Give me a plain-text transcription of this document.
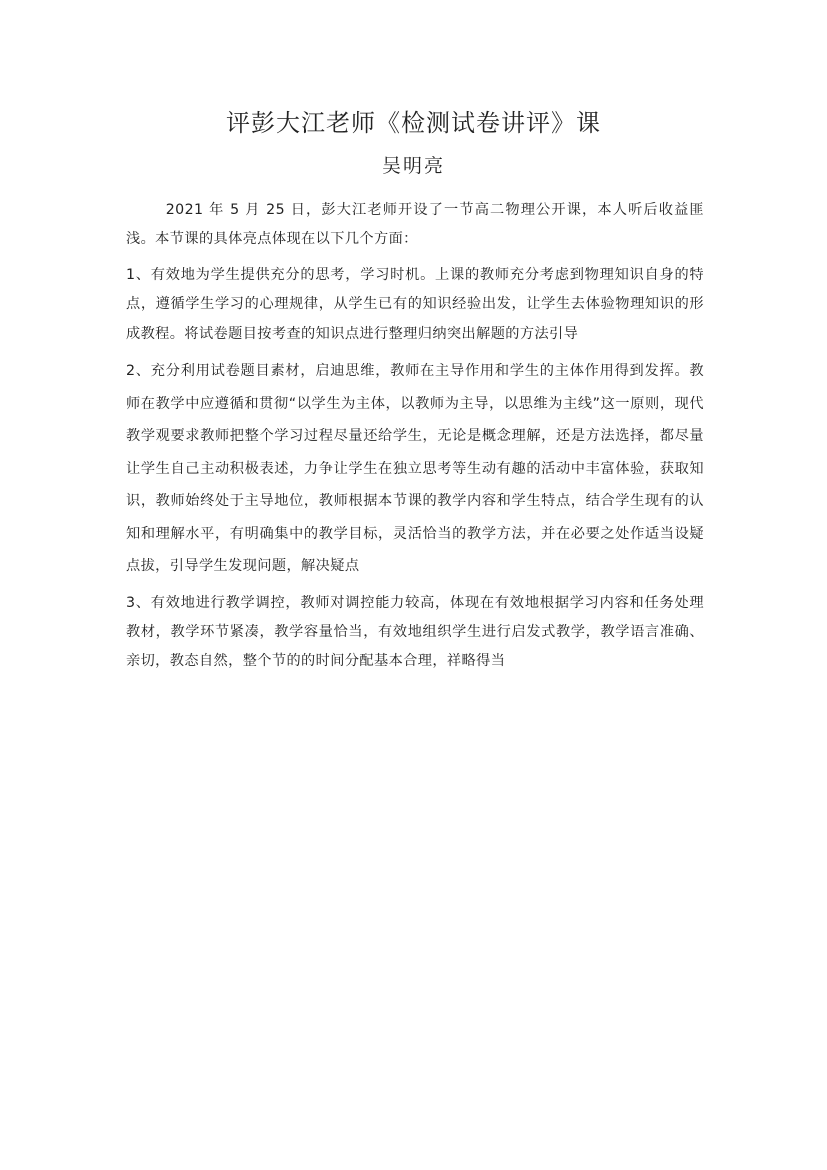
评彭大江老师《检测试卷讲评》课
吴明亮

2021 年 5 月 25 日，彭大江老师开设了一节高二物理公开课，本人听后收益匪浅。本节课的具体亮点体现在以下几个方面：

1、有效地为学生提供充分的思考，学习时机。上课的教师充分考虑到物理知识自身的特点，遵循学生学习的心理规律，从学生已有的知识经验出发，让学生去体验物理知识的形成教程。将试卷题目按考查的知识点进行整理归纳突出解题的方法引导

2、充分利用试卷题目素材，启迪思维，教师在主导作用和学生的主体作用得到发挥。教师在教学中应遵循和贯彻“以学生为主体，以教师为主导，以思维为主线”这一原则，现代教学观要求教师把整个学习过程尽量还给学生，无论是概念理解，还是方法选择，都尽量让学生自己主动积极表述，力争让学生在独立思考等生动有趣的活动中丰富体验，获取知识，教师始终处于主导地位，教师根据本节课的教学内容和学生特点，结合学生现有的认知和理解水平，有明确集中的教学目标，灵活恰当的教学方法，并在必要之处作适当设疑点拔，引导学生发现问题，解决疑点

3、有效地进行教学调控，教师对调控能力较高，体现在有效地根据学习内容和任务处理教材，教学环节紧凑，教学容量恰当，有效地组织学生进行启发式教学，教学语言准确、亲切，教态自然，整个节的的时间分配基本合理，祥略得当
